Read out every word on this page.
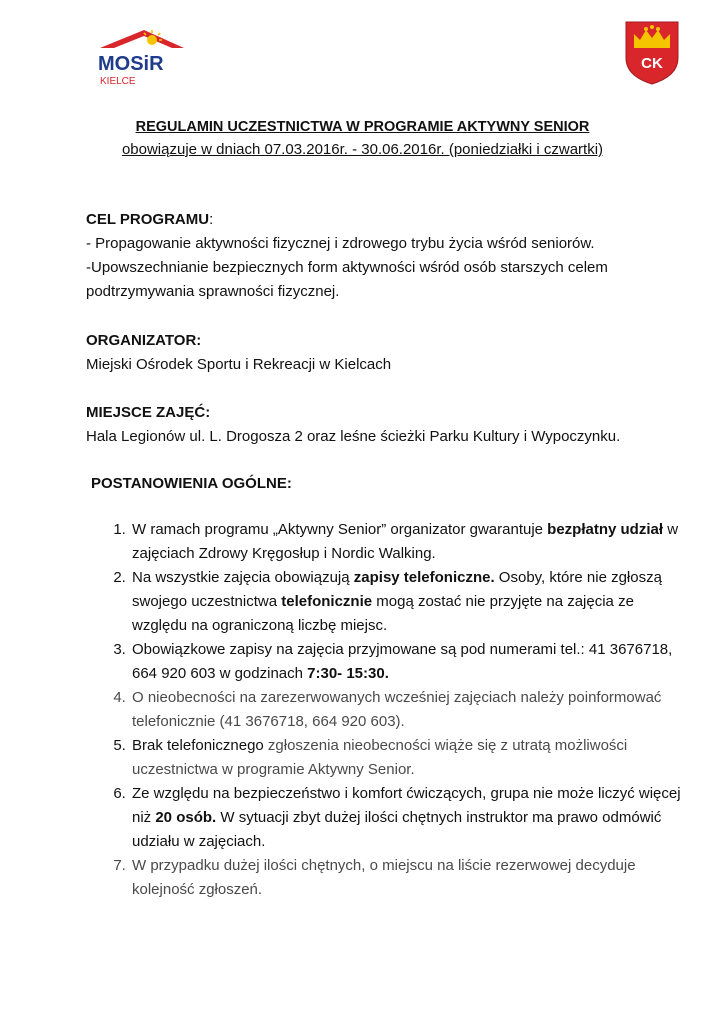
MOSiR
KIELCE
CK
REGULAMIN UCZESTNICTWA W PROGRAMIE AKTYWNY SENIOR
obowiązuje w dniach 07.03.2016r. - 30.06.2016r. (poniedziałki i czwartki)
CEL PROGRAMU:

- Propagowanie aktywności fizycznej i zdrowego trybu życia wśród seniorów.

-Upowszechnianie bezpiecznych form aktywności wśród osób starszych celem podtrzymywania sprawności fizycznej.

ORGANIZATOR:

Miejski Ośrodek Sportu i Rekreacji w Kielcach

MIEJSCE ZAJĘĆ:

Hala Legionów ul. L. Drogosza 2 oraz leśne ścieżki Parku Kultury i Wypoczynku.

POSTANOWIENIA OGÓLNE:
1. W ramach programu „Aktywny Senior” organizator gwarantuje bezpłatny udział w zajęciach Zdrowy Kręgosłup i Nordic Walking.
2. Na wszystkie zajęcia obowiązują zapisy telefoniczne. Osoby, które nie zgłoszą swojego uczestnictwa telefonicznie mogą zostać nie przyjęte na zajęcia ze względu na ograniczoną liczbę miejsc.
3. Obowiązkowe zapisy na zajęcia przyjmowane są pod numerami tel.: 41 3676718, 664 920 603 w godzinach 7:30- 15:30.
4. O nieobecności na zarezerwowanych wcześniej zajęciach należy poinformować telefonicznie (41 3676718, 664 920 603).
5. Brak telefonicznego zgłoszenia nieobecności wiąże się z utratą możliwości uczestnictwa w programie Aktywny Senior.
6. Ze względu na bezpieczeństwo i komfort ćwiczących, grupa nie może liczyć więcej niż 20 osób. W sytuacji zbyt dużej ilości chętnych instruktor ma prawo odmówić udziału w zajęciach.
7. W przypadku dużej ilości chętnych, o miejscu na liście rezerwowej decyduje kolejność zgłoszeń.
